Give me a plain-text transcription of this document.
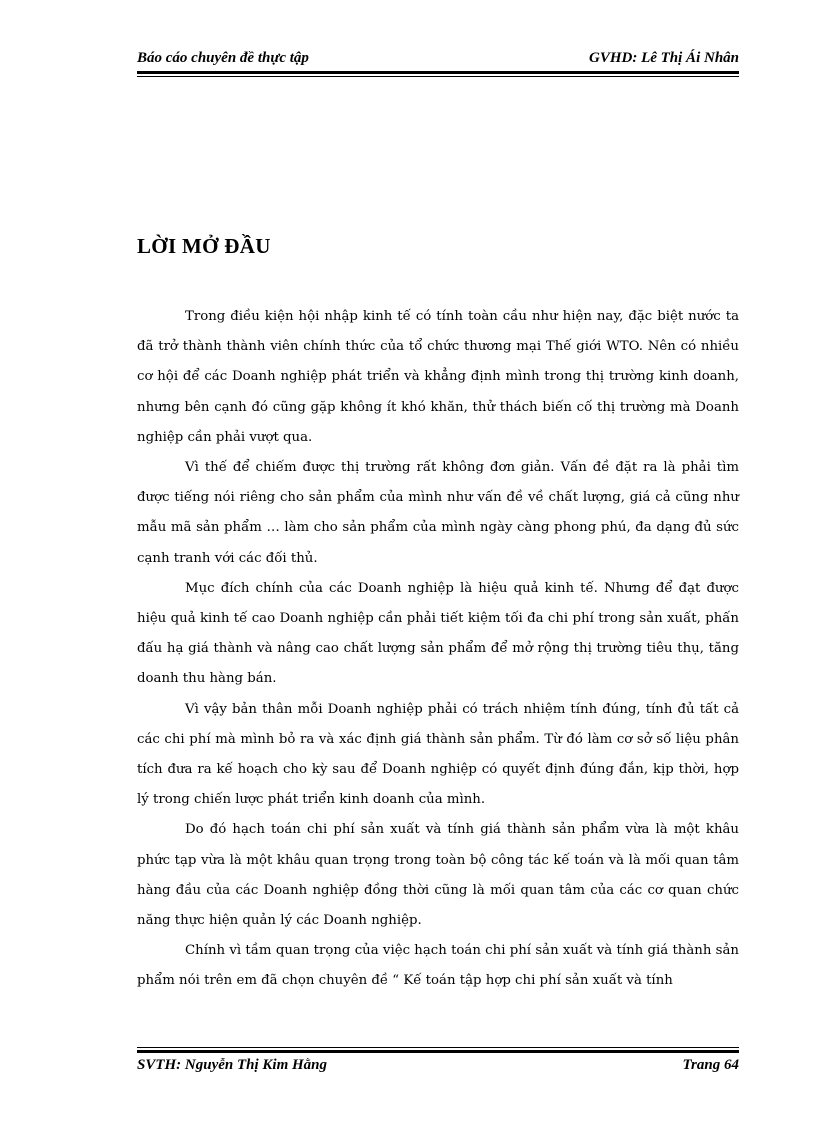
Báo cáo chuyên đề thực tập	GVHD: Lê Thị Ái Nhân
LỜI MỞ ĐẦU

Trong điều kiện hội nhập kinh tế có tính toàn cầu như hiện nay, đặc biệt nước ta đã trở thành thành viên chính thức của tổ chức thương mại Thế giới WTO. Nên có nhiều cơ hội để các Doanh nghiệp phát triển và khẳng định mình trong thị trường kinh doanh, nhưng bên cạnh đó cũng gặp không ít khó khăn, thử thách biến cố thị trường mà Doanh nghiệp cần phải vượt qua.

Vì thế để chiếm được thị trường rất không đơn giản. Vấn đề đặt ra là phải tìm được tiếng nói riêng cho sản phẩm của mình như vấn đề về chất lượng, giá cả cũng như mẫu mã sản phẩm … làm cho sản phẩm của mình ngày càng phong phú, đa dạng đủ sức cạnh tranh với các đối thủ.

Mục đích chính của các Doanh nghiệp là hiệu quả kinh tế. Nhưng để đạt được hiệu quả kinh tế cao Doanh nghiệp cần phải tiết kiệm tối đa chi phí trong sản xuất, phấn đấu hạ giá thành và nâng cao chất lượng sản phẩm để mở rộng thị trường tiêu thụ, tăng doanh thu hàng bán.

Vì vậy bản thân mỗi Doanh nghiệp phải có trách nhiệm tính đúng, tính đủ tất cả các chi phí mà mình bỏ ra và xác định giá thành sản phẩm. Từ đó làm cơ sở số liệu phân tích đưa ra kế hoạch cho kỳ sau để Doanh nghiệp có quyết định đúng đắn, kịp thời, hợp lý trong chiến lược phát triển kinh doanh của mình.

Do đó hạch toán chi phí sản xuất và tính giá thành sản phẩm vừa là một khâu phức tạp vừa là một khâu quan trọng trong toàn bộ công tác kế toán và là mối quan tâm hàng đầu của các Doanh nghiệp đồng thời cũng là mối quan tâm của các cơ quan chức năng thực hiện quản lý các Doanh nghiệp.

Chính vì tầm quan trọng của việc hạch toán chi phí sản xuất và tính giá thành sản phẩm nói trên em đã chọn chuyên đề “ Kế toán tập hợp chi phí sản xuất và tính

SVTH: Nguyễn Thị Kim Hằng	Trang 64
